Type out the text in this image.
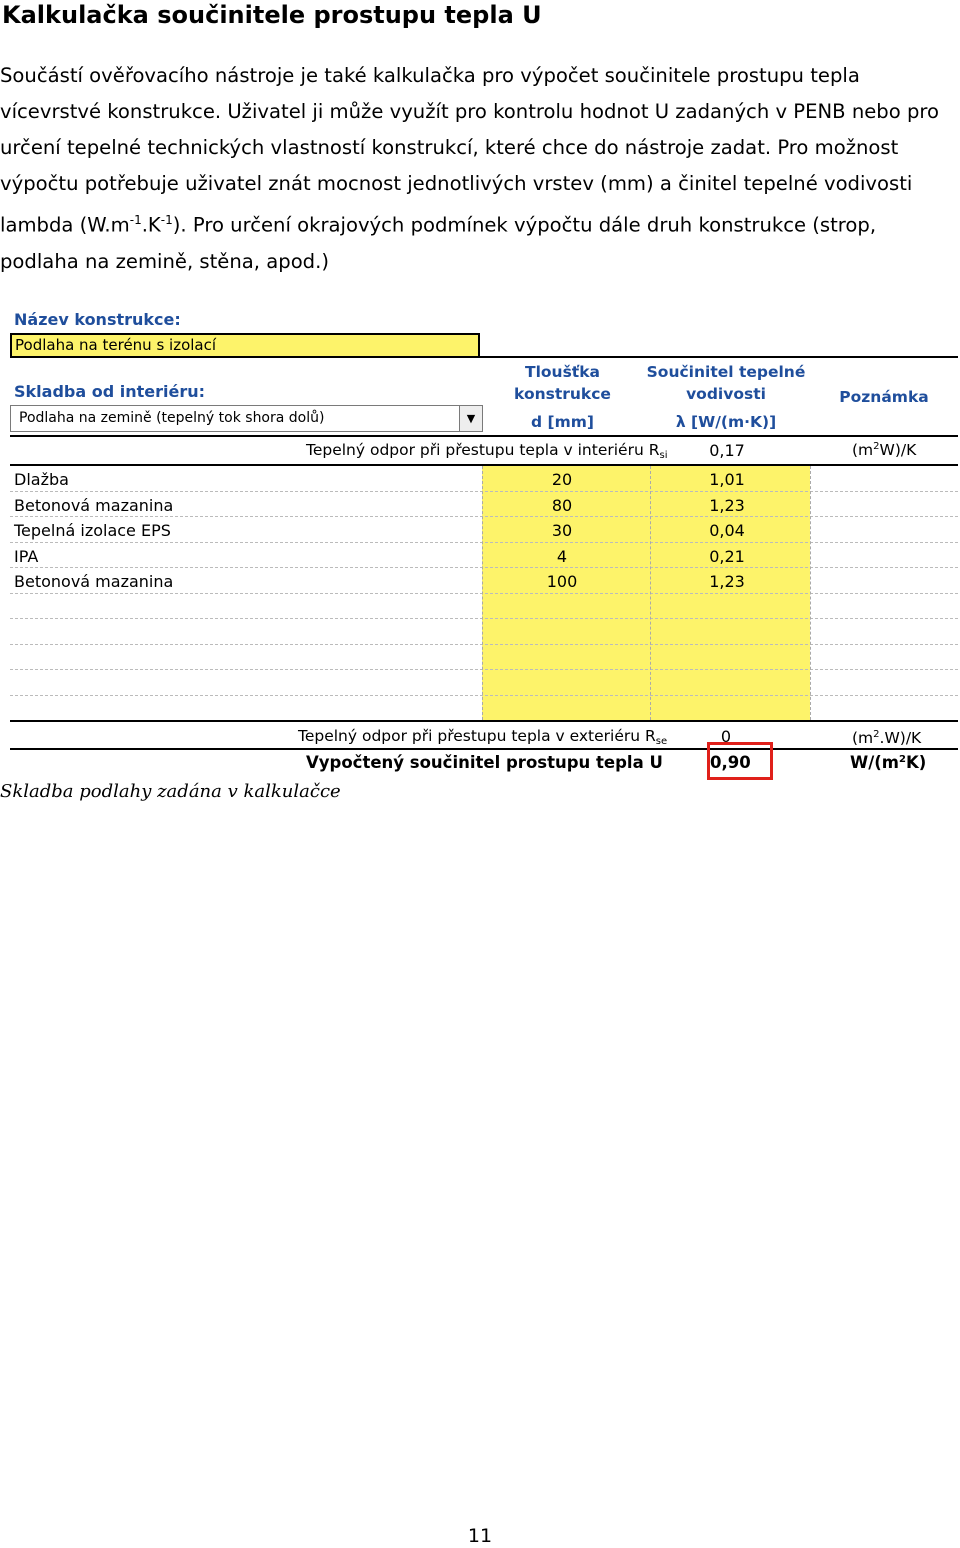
Kalkulačka součinitele prostupu tepla U

Součástí ověřovacího nástroje je také kalkulačka pro výpočet součinitele prostupu tepla vícevrstvé konstrukce. Uživatel ji může využít pro kontrolu hodnot U zadaných v PENB nebo pro určení tepelné technických vlastností konstrukcí, které chce do nástroje zadat. Pro možnost výpočtu potřebuje uživatel znát mocnost jednotlivých vrstev (mm) a činitel tepelné vodivosti lambda $(W.m^{-1}.K^{-1})$. Pro určení okrajových podmínek výpočtu dále druh konstrukce (strop, podlaha na zemině, stěna, apod.)

Název konstrukce:
Podlaha na terénu s izolací
Skladba od interiéru:
Podlaha na zemině (tepelný tok shora dolů)	▼
Tloušťka
konstrukce
d [mm]
Součinitel tepelné
vodivosti
λ [W/(m·K)]
Poznámka
Tepelný odpor při přestupu tepla v interiéru $R_{si}$	0,17	$(m^2W)/K$
Dlažba	20	1,01
Betonová mazanina	80	1,23
Tepelná izolace EPS	30	0,04
IPA	4	0,21
Betonová mazanina	100	1,23
Tepelný odpor při přestupu tepla v exteriéru $R_{se}$	0	$(m^2.W)/K$
Vypočtený součinitel prostupu tepla U	0,90	$W/(m^2K)$
Skladba podlahy zadána v kalkulačce
11
